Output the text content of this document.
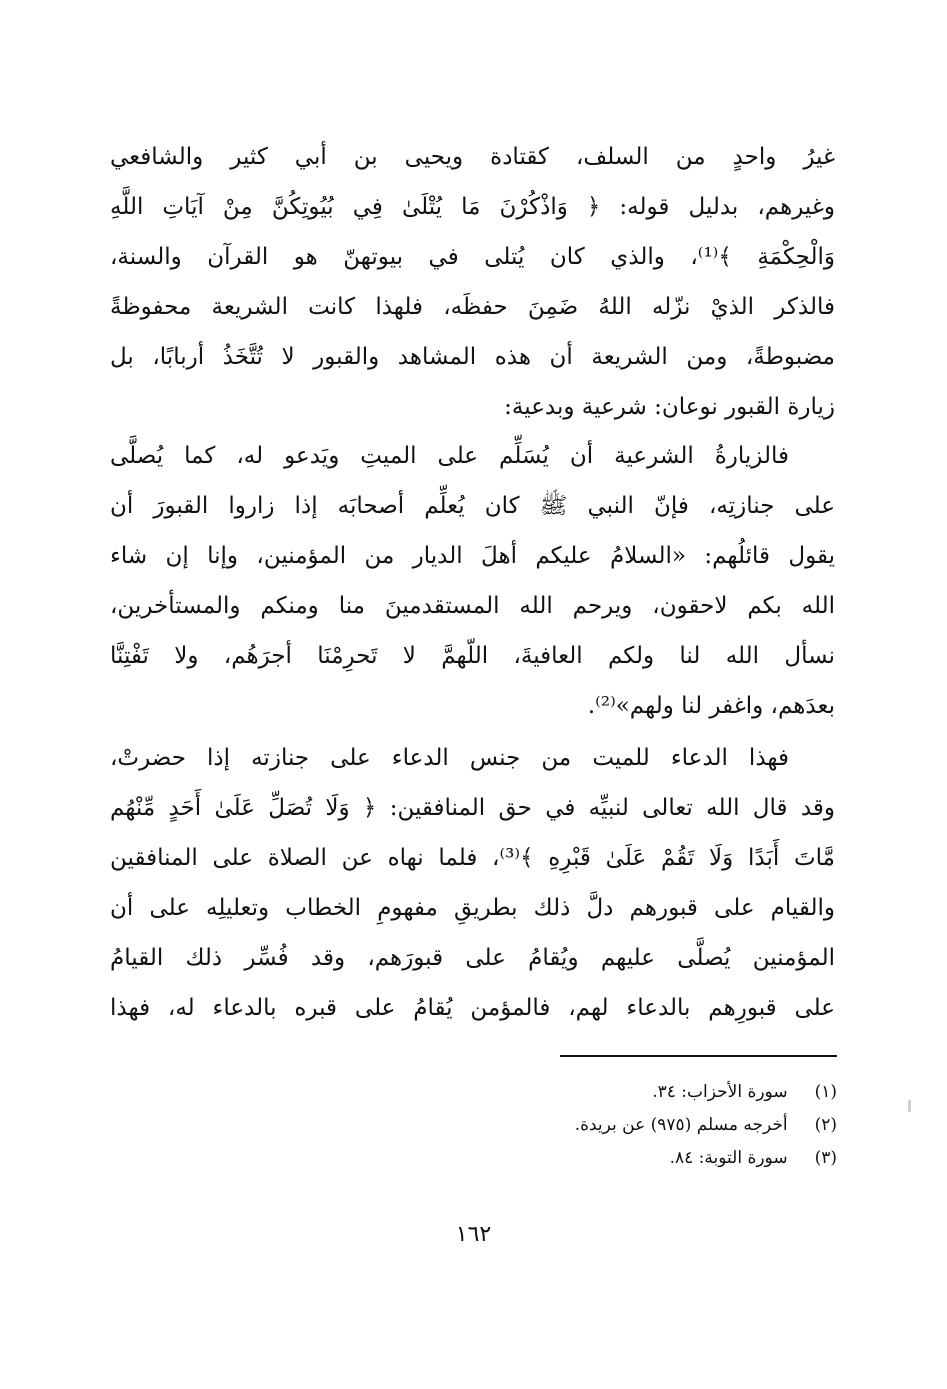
غيرُ واحدٍ من السلف، كقتادة ويحيى بن أبي كثير والشافعي
وغيرهم، بدليل قوله: ﴿ وَاذْكُرْنَ مَا يُتْلَىٰ فِي بُيُوتِكُنَّ مِنْ آيَاتِ اللَّهِ
وَالْحِكْمَةِ ﴾⁽¹⁾، والذي كان يُتلى في بيوتهنّ هو القرآن والسنة،
فالذكر الذيْ نزّله اللهُ ضَمِنَ حفظَه، فلهذا كانت الشريعة محفوظةً
مضبوطةً، ومن الشريعة أن هذه المشاهد والقبور لا تُتَّخَذُ أربابًا، بل
زيارة القبور نوعان: شرعية وبدعية:
فالزيارةُ الشرعية أن يُسَلِّم على الميتِ ويَدعو له، كما يُصلَّى
على جنازتِه، فإنّ النبي ﷺ كان يُعلِّم أصحابَه إذا زاروا القبورَ أن
يقول قائلُهم: «السلامُ عليكم أهلَ الديار من المؤمنين، وإنا إن شاء
الله بكم لاحقون، ويرحم الله المستقدمينَ منا ومنكم والمستأخرين،
نسأل الله لنا ولكم العافيةَ، اللّهمَّ لا تَحرِمْنَا أجرَهُم، ولا تَفْتِنَّا
بعدَهم، واغفر لنا ولهم»⁽²⁾.
فهذا الدعاء للميت من جنس الدعاء على جنازته إذا حضرتْ،
وقد قال الله تعالى لنبيِّه في حق المنافقين: ﴿ وَلَا تُصَلِّ عَلَىٰ أَحَدٍ مِّنْهُم
مَّاتَ أَبَدًا وَلَا تَقُمْ عَلَىٰ قَبْرِهِ ﴾⁽³⁾، فلما نهاه عن الصلاة على المنافقين
والقيام على قبورهم دلَّ ذلك بطريقِ مفهومِ الخطاب وتعليلِه على أن
المؤمنين يُصلَّى عليهم ويُقامُ على قبورَهم، وقد فُسِّر ذلك القيامُ
على قبورِهم بالدعاء لهم، فالمؤمن يُقامُ على قبره بالدعاء له، فهذا
(١) سورة الأحزاب: ٣٤.
(٢) أخرجه مسلم (٩٧٥) عن بريدة.
(٣) سورة التوبة: ٨٤.
١٦٢
